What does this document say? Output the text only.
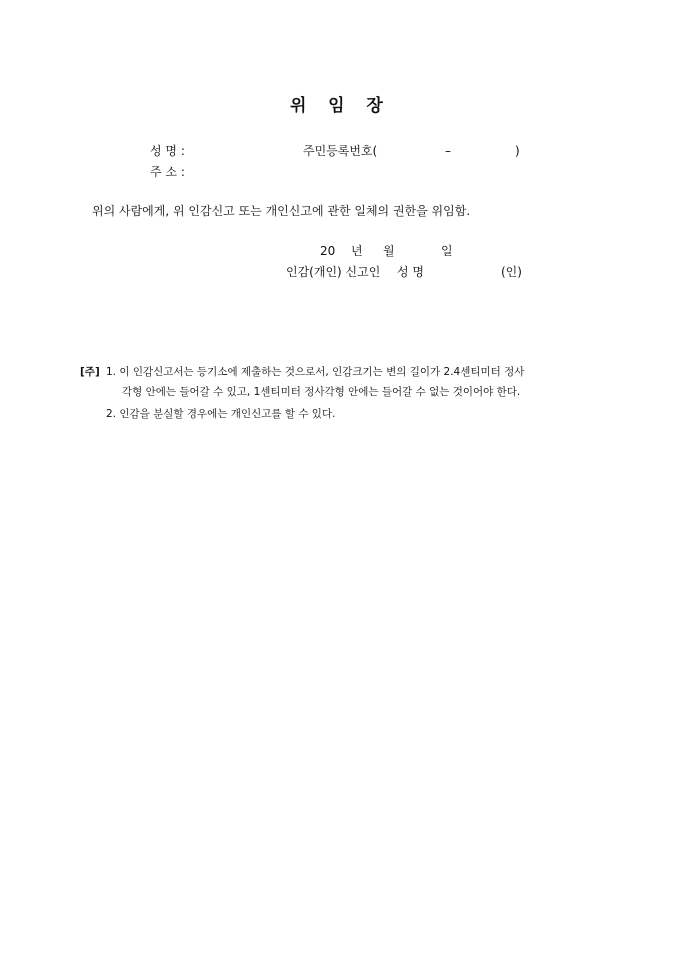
위   임   장
성 명 :	주민등록번호(	–	)
주 소 :
위의 사람에게, 위 인감신고 또는 개인신고에 관한 일체의 권한을 위임함.
20 년 월	일
인감(개인) 신고인 성 명	(인)
[주] 1. 이 인감신고서는 등기소에 제출하는 것으로서, 인감크기는 변의 길이가 2.4센티미터 정사
각형 안에는 들어갈 수 있고, 1센티미터 정사각형 안에는 들어갈 수 없는 것이어야 한다.
2. 인감을 분실할 경우에는 개인신고를 할 수 있다.
